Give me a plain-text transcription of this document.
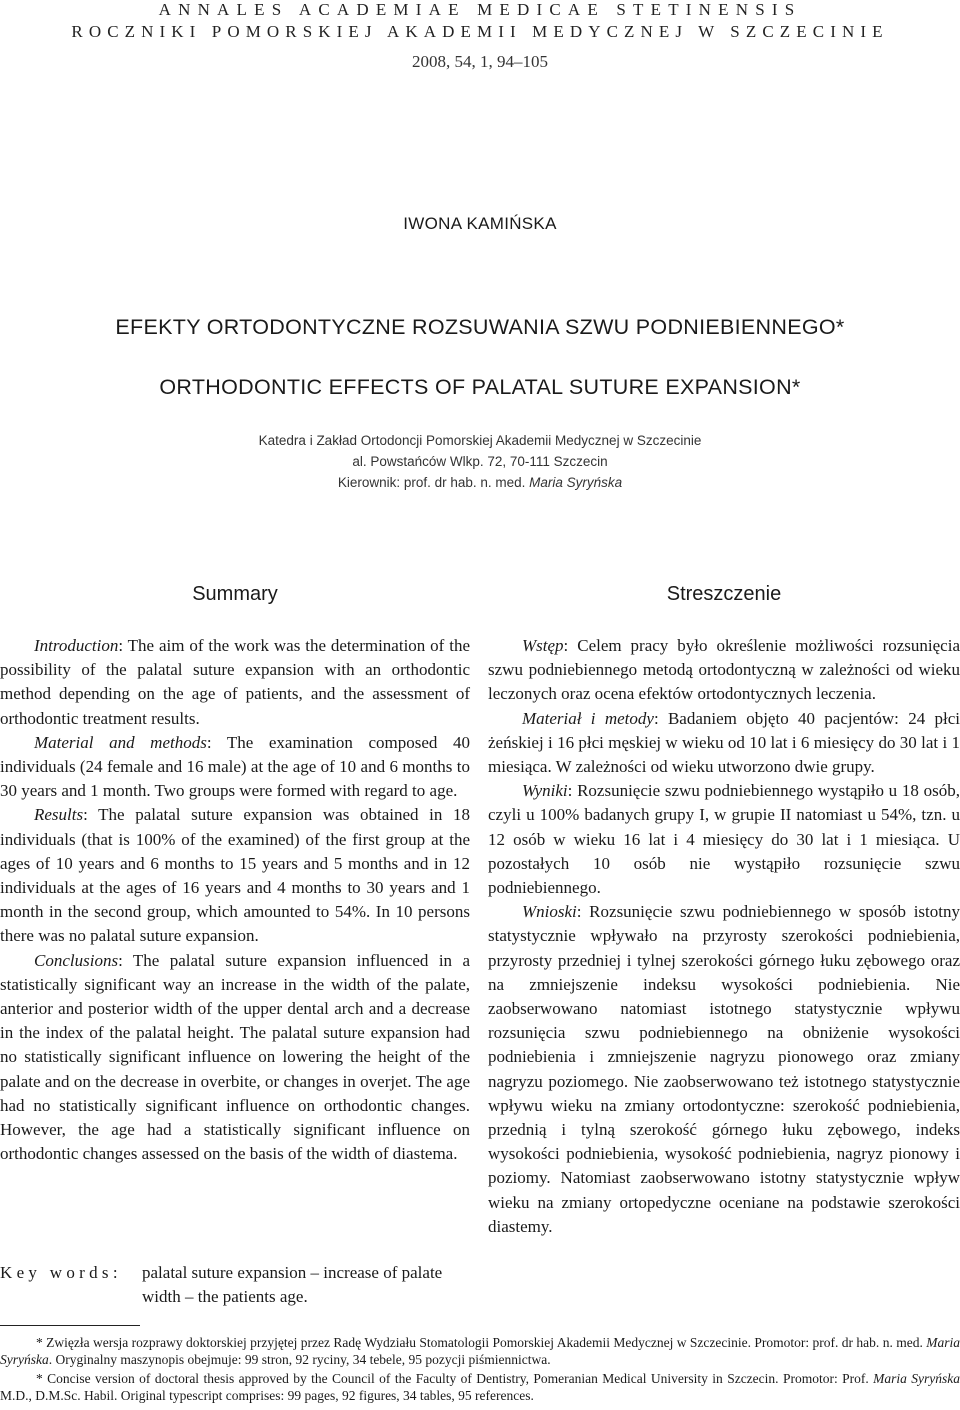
ANNALES ACADEMIAE MEDICAE STETINENSIS
ROCZNIKI POMORSKIEJ AKADEMII MEDYCZNEJ W SZCZECINIE
2008, 54, 1, 94–105
IWONA KAMIŃSKA
EFEKTY ORTODONTYCZNE ROZSUWANIA SZWU PODNIEBIENNEGO*
ORTHODONTIC EFFECTS OF PALATAL SUTURE EXPANSION*
Katedra i Zakład Ortodoncji Pomorskiej Akademii Medycznej w Szczecinie
al. Powstańców Wlkp. 72, 70-111 Szczecin
Kierownik: prof. dr hab. n. med. Maria Syryńska
Summary

Introduction: The aim of the work was the determination of the possibility of the palatal suture expansion with an orthodontic method depending on the age of patients, and the assessment of orthodontic treatment results.

Material and methods: The examination composed 40 individuals (24 female and 16 male) at the age of 10 and 6 months to 30 years and 1 month. Two groups were formed with regard to age.

Results: The palatal suture expansion was obtained in 18 individuals (that is 100% of the examined) of the first group at the ages of 10 years and 6 months to 15 years and 5 months and in 12 individuals at the ages of 16 years and 4 months to 30 years and 1 month in the second group, which amounted to 54%. In 10 persons there was no palatal suture expansion.

Conclusions: The palatal suture expansion influenced in a statistically significant way an increase in the width of the palate, anterior and posterior width of the upper dental arch and a decrease in the index of the palatal height. The palatal suture expansion had no statistically significant influence on lowering the height of the palate and on the decrease in overbite, or changes in overjet. The age had no statistically significant influence on orthodontic changes. However, the age had a statistically significant influence on orthodontic changes assessed on the basis of the width of diastema.

Key words: palatal suture expansion – increase of palate width – the patients age.
Streszczenie

Wstęp: Celem pracy było określenie możliwości rozsunięcia szwu podniebiennego metodą ortodontyczną w zależności od wieku leczonych oraz ocena efektów ortodontycznych leczenia.

Materiał i metody: Badaniem objęto 40 pacjentów: 24 płci żeńskiej i 16 płci męskiej w wieku od 10 lat i 6 miesięcy do 30 lat i 1 miesiąca. W zależności od wieku utworzono dwie grupy.

Wyniki: Rozsunięcie szwu podniebiennego wystąpiło u 18 osób, czyli u 100% badanych grupy I, w grupie II natomiast u 54%, tzn. u 12 osób w wieku 16 lat i 4 miesięcy do 30 lat i 1 miesiąca. U pozostałych 10 osób nie wystąpiło rozsunięcie szwu podniebiennego.

Wnioski: Rozsunięcie szwu podniebiennego w sposób istotny statystycznie wpływało na przyrosty szerokości podniebienia, przyrosty przedniej i tylnej szerokości górnego łuku zębowego oraz na zmniejszenie indeksu wysokości podniebienia. Nie zaobserwowano natomiast istotnego statystycznie wpływu rozsunięcia szwu podniebiennego na obniżenie wysokości podniebienia i zmniejszenie nagryzu pionowego oraz zmiany nagryzu poziomego. Nie zaobserwowano też istotnego statystycznie wpływu wieku na zmiany ortodontyczne: szerokość podniebienia, przednią i tylną szerokość górnego łuku zębowego, indeks wysokości podniebienia, wysokość podniebienia, nagryz pionowy i poziomy. Natomiast zaobserwowano istotny statystycznie wpływ wieku na zmiany ortopedyczne oceniane na podstawie szerokości diastemy.

* Zwięzła wersja rozprawy doktorskiej przyjętej przez Radę Wydziału Stomatologii Pomorskiej Akademii Medycznej w Szczecinie. Promotor: prof. dr hab. n. med. Maria Syryńska. Oryginalny maszynopis obejmuje: 99 stron, 92 ryciny, 34 tebele, 95 pozycji piśmiennictwa.

* Concise version of doctoral thesis approved by the Council of the Faculty of Dentistry, Pomeranian Medical University in Szczecin. Promotor: Prof. Maria Syryńska M.D., D.M.Sc. Habil. Original typescript comprises: 99 pages, 92 figures, 34 tables, 95 references.
